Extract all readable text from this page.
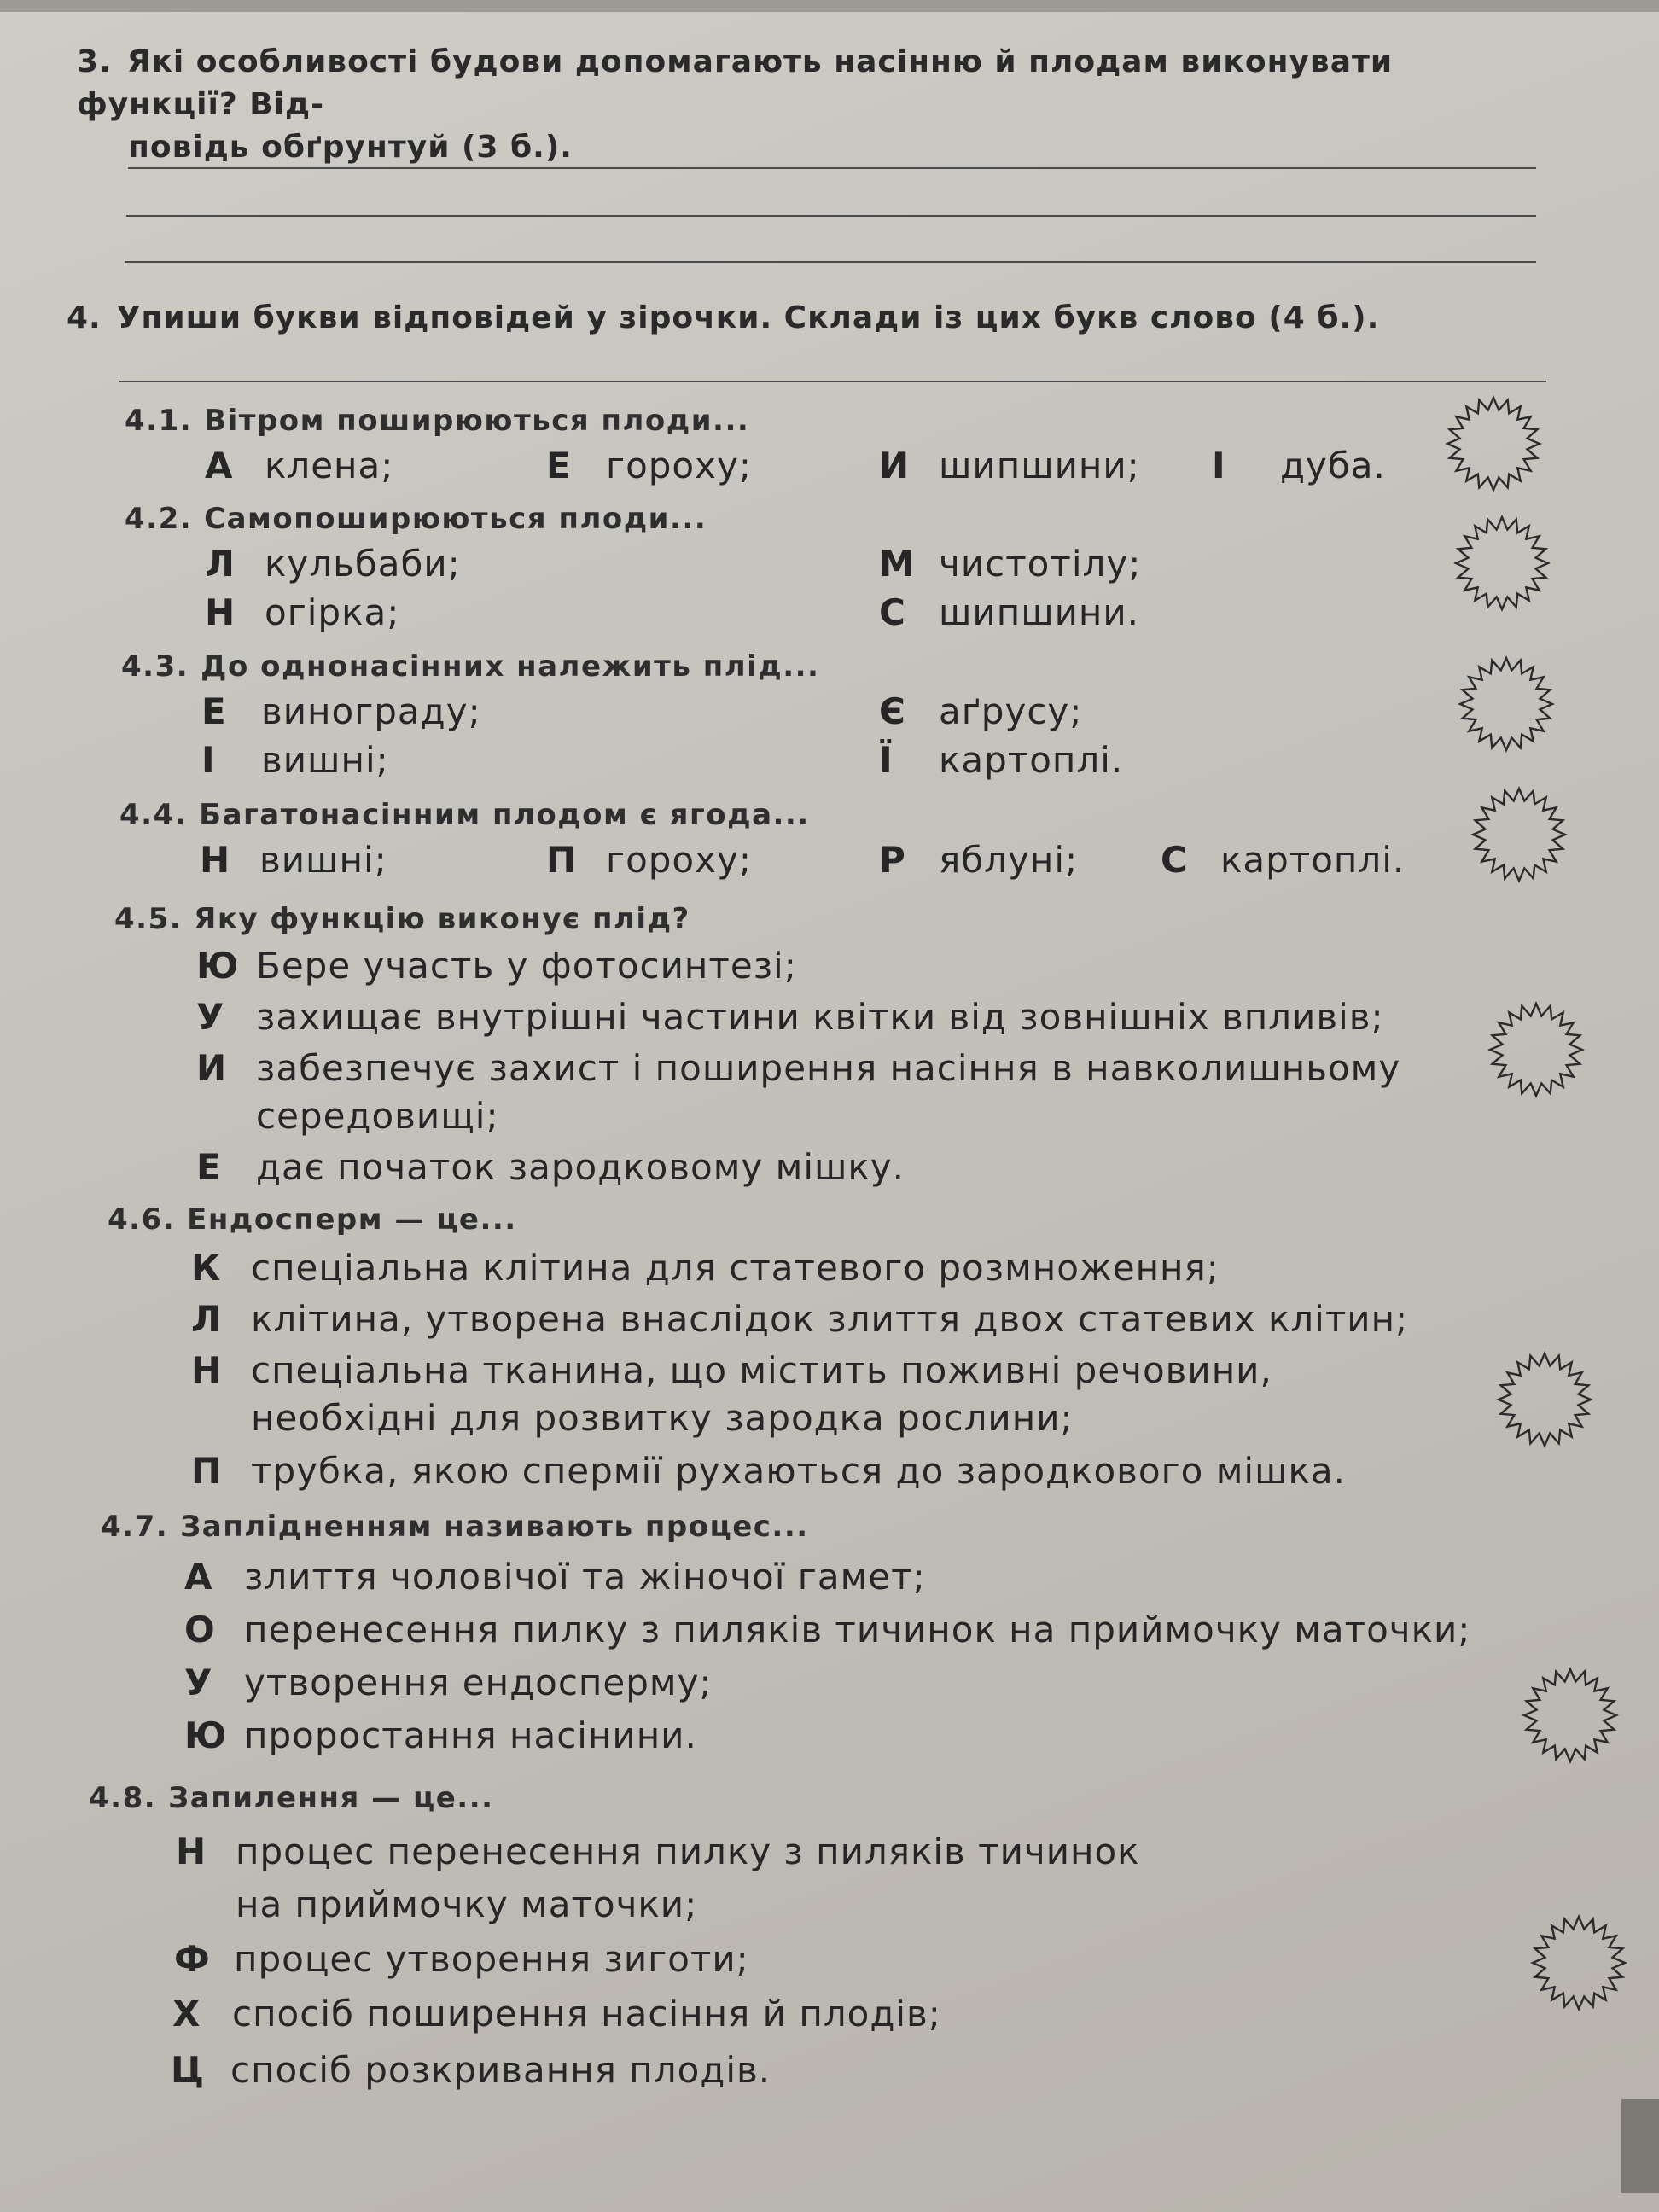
3. Які особливості будови допомагають насінню й плодам виконувати функції? Від-
повідь обґрунтуй (3 б.).
4. Упиши букви відповідей у зірочки. Склади із цих букв слово (4 б.).
4.1. Вітром поширюються плоди...
А клена;	Е гороху;	И шипшини; І дуба.
4.2. Самопоширюються плоди...
Л кульбаби;	М чистотілу;
Н огірка;	С шипшини.
4.3. До однонасінних належить плід...
Е винограду;	Є аґрусу;
І вишні;	Ї картоплі.
4.4. Багатонасінним плодом є ягода...
Н вишні;	П гороху;	Р яблуні; С картоплі.
4.5. Яку функцію виконує плід?
Ю Бере участь у фотосинтезі;
У захищає внутрішні частини квітки від зовнішніх впливів;
И забезпечує захист і поширення насіння в навколишньому
середовищі;
Е дає початок зародковому мішку.
4.6. Ендосперм — це...
К спеціальна клітина для статевого розмноження;
Л клітина, утворена внаслідок злиття двох статевих клітин;
Н спеціальна тканина, що містить поживні речовини,
необхідні для розвитку зародка рослини;
П трубка, якою спермії рухаються до зародкового мішка.
4.7. Заплідненням називають процес...
А злиття чоловічої та жіночої гамет;
О перенесення пилку з пиляків тичинок на приймочку маточки;
У утворення ендосперму;
Ю проростання насінини.
4.8. Запилення — це...
Н процес перенесення пилку з пиляків тичинок
на приймочку маточки;
Ф процес утворення зиготи;
Х спосіб поширення насіння й плодів;
Ц спосіб розкривання плодів.
